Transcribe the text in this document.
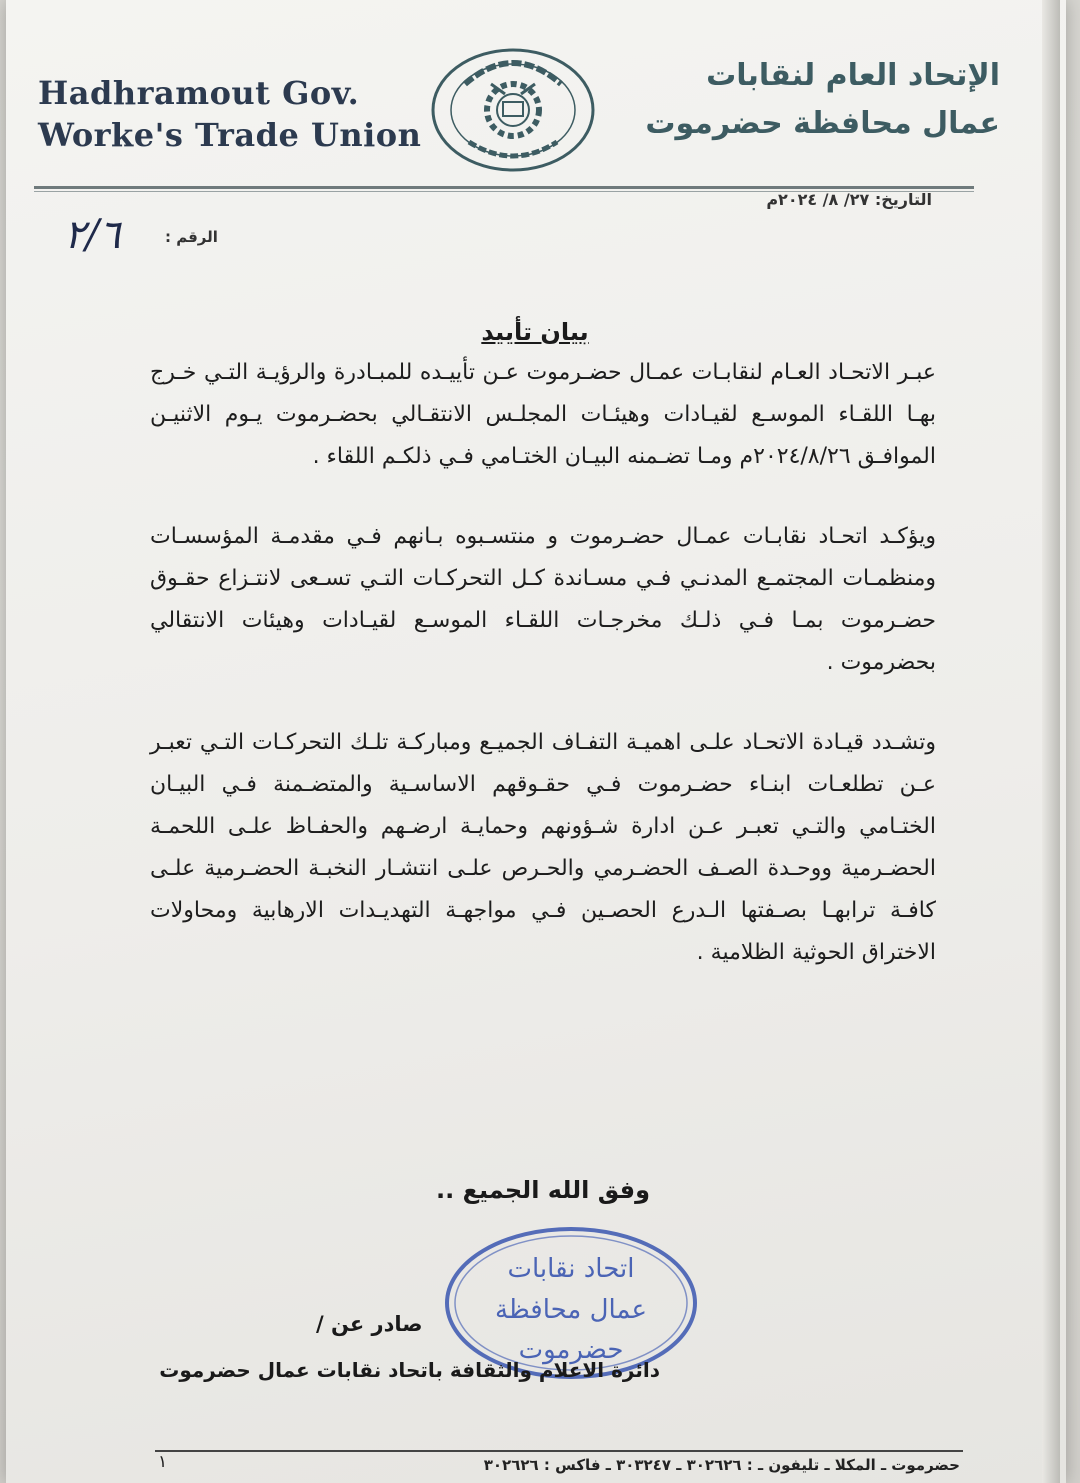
Hadhramout Gov.
Worke's Trade Union
الإتحاد العام لنقابات
عمال محافظة حضرموت
التاريخ: ٢٧/ ٨/ ٢٠٢٤م
الرقم :
٢/٦
بيان تأييد

عبـر الاتحـاد العـام لنقابـات عمـال حضـرموت عـن تأييـده للمبـادرة والرؤيـة التـي خـرج بهـا اللقـاء الموسـع لقيـادات وهيئـات المجلـس الانتقـالي بحضـرموت يـوم الاثنيـن الموافـق ٢٠٢٤/٨/٢٦م ومـا تضـمنه البيـان الختـامي فـي ذلكـم اللقاء .

ويؤكـد اتحـاد نقابـات عمـال حضـرموت و منتسـبوه بـانهم فـي مقدمـة المؤسسـات ومنظمـات المجتمـع المدنـي فـي مسـاندة كـل التحركـات التـي تسـعى لانتـزاع حقـوق حضـرموت بمـا فـي ذلـك مخرجـات اللقـاء الموسـع لقيـادات وهيئات الانتقالي بحضرموت .

وتشـدد قيـادة الاتحـاد علـى اهميـة التفـاف الجميـع ومباركـة تلـك التحركـات التـي تعبـر عـن تطلعـات ابنـاء حضـرموت فـي حقـوقهم الاساسـية والمتضـمنة فـي البيـان الختـامي والتـي تعبـر عـن ادارة شـؤونهم وحمايـة ارضـهم والحفـاظ علـى اللحمـة الحضـرمية ووحـدة الصـف الحضـرمي والحـرص علـى انتشـار النخبـة الحضـرمية علـى كافـة ترابهـا بصـفتها الـدرع الحصـين فـي مواجهـة التهديـدات الارهابية ومحاولات الاختراق الحوثية الظلامية .

وفق الله الجميع ..
اتحاد نقابات
عمال محافظة
حضرموت
صادر عن /
دائرة الاعلام والثقافة باتحاد نقابات عمال حضرموت
حضرموت ـ المكلا ـ تليفون ـ : ٣٠٢٦٢٦ ـ ٣٠٣٢٤٧ ـ فاكس : ٣٠٢٦٢٦
١
